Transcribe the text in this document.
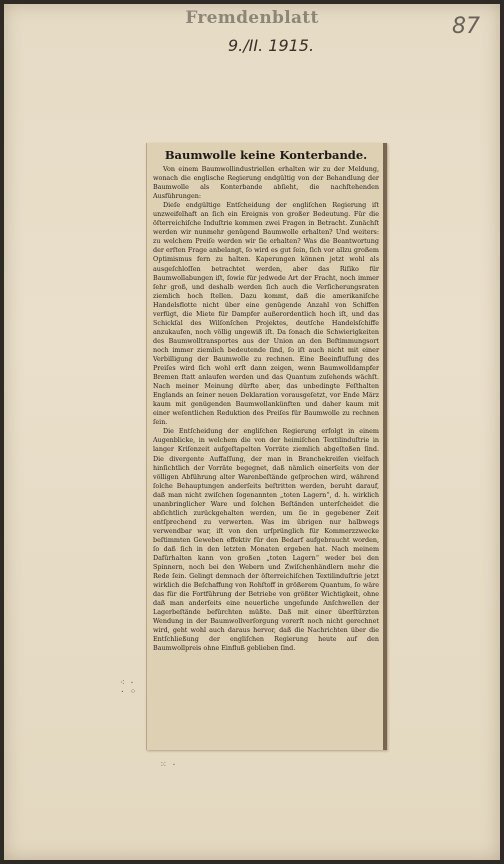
Fremdenblatt
9./II. 1915.
87
Baumwolle keine Konterbande.

Von einem Baumwollindustriellen erhalten wir zu der Meldung, wonach die englische Regierung endgültig von der Behandlung der Baumwolle als Konterbande abſieht, die nachſtehenden Ausführungen:

Dieſe endgültige Entſcheidung der engliſchen Regierung iſt unzweifelhaft an ſich ein Ereignis von großer Bedeutung. Für die öſterreichiſche Induſtrie kommen zwei Fragen in Betracht. Zunächſt werden wir nunmehr genügend Baumwolle erhalten? Und weiters: zu welchem Preiſe werden wir ſie erhalten? Was die Beantwortung der erſten Frage anbelangt, ſo wird es gut ſein, ſich vor allzu großem Optimismus fern zu halten. Kaperungen können jetzt wohl als ausgeſchloſſen betrachtet werden, aber das Riſiko für Baumwollabungen iſt, ſowie für jedwede Art der Fracht, noch immer ſehr groß, und deshalb werden ſich auch die Verſicherungsraten ziemlich hoch ſtellen. Dazu kommt, daß die amerikaniſche Handelsflotte nicht über eine genügende Anzahl von Schiffen verfügt, die Miete für Dampfer außerordentlich hoch iſt, und das Schickſal des Wilſonſchen Projektes, deutſche Handelsſchiffe anzukaufen, noch völlig ungewiß iſt. Da ſonach die Schwierigkeiten des Baumwolltransportes aus der Union an den Beſtimmungsort noch immer ziemlich bedeutende ſind, ſo iſt auch nicht mit einer Verbilligung der Baumwolle zu rechnen. Eine Beeinfluſſung des Preiſes wird ſich wohl erſt dann zeigen, wenn Baumwolldampfer Bremen ſtatt anlaufen werden und das Quantum zuſehends wächſt. Nach meiner Meinung dürfte aber, das unbedingte Feſthalten Englands an ſeiner neuen Deklaration vorausgeſetzt, vor Ende März kaum mit genügenden Baumwollankünften und daher kaum mit einer weſentlichen Reduktion des Preiſes für Baumwolle zu rechnen ſein.

Die Entſcheidung der engliſchen Regierung erfolgt in einem Augenblicke, in welchem die von der heimiſchen Textilinduſtrie in langer Kriſenzeit aufgeſtapelten Vorräte ziemlich abgeſtoßen ſind. Die divergente Auffaſſung, der man in Branchekreiſen vielfach hinſichtlich der Vorräte begegnet, daß nämlich einerſeits von der völligen Abführung alter Warenbeſtände geſprochen wird, während ſolche Behauptungen anderſeits beſtritten werden, beruht darauf, daß man nicht zwiſchen ſogenannten „toten Lagern“, d. h. wirklich unanbringlicher Ware und ſolchen Beſtänden unterſcheidet die abſichtlich zurückgehalten werden, um ſie in gegebener Zeit entſprechend zu verwerten. Was im übrigen nur halbwegs verwendbar war, iſt von den urſprünglich für Kommerzzwecke beſtimmten Geweben effektiv für den Bedarf aufgebraucht worden, ſo daß ſich in den letzten Monaten ergeben hat. Nach meinem Dafürhalten kann von großen „toten Lagern“ weder bei den Spinnern, noch bei den Webern und Zwiſchenhändlern mehr die Rede ſein. Gelingt demnach der öſterreichiſchen Textilinduſtrie jetzt wirklich die Beſchaffung von Rohſtoff in größerem Quantum, ſo wäre das für die Fortführung der Betriebe von größter Wichtigkeit, ohne daß man anderſeits eine neuerliche ungeſunde Anſchwellen der Lagerbeſtände befürchten müßte. Daß mit einer überſtürzten Wendung in der Baumwollverſorgung vorerſt noch nicht gerechnet wird, geht wohl auch daraus hervor, daß die Nachrichten über die Entſchließung der engliſchen Regierung heute auf den Baumwollpreis ohne Einfluß geblieben ſind.

⁖ ·
· ⁘
⁙ ·
